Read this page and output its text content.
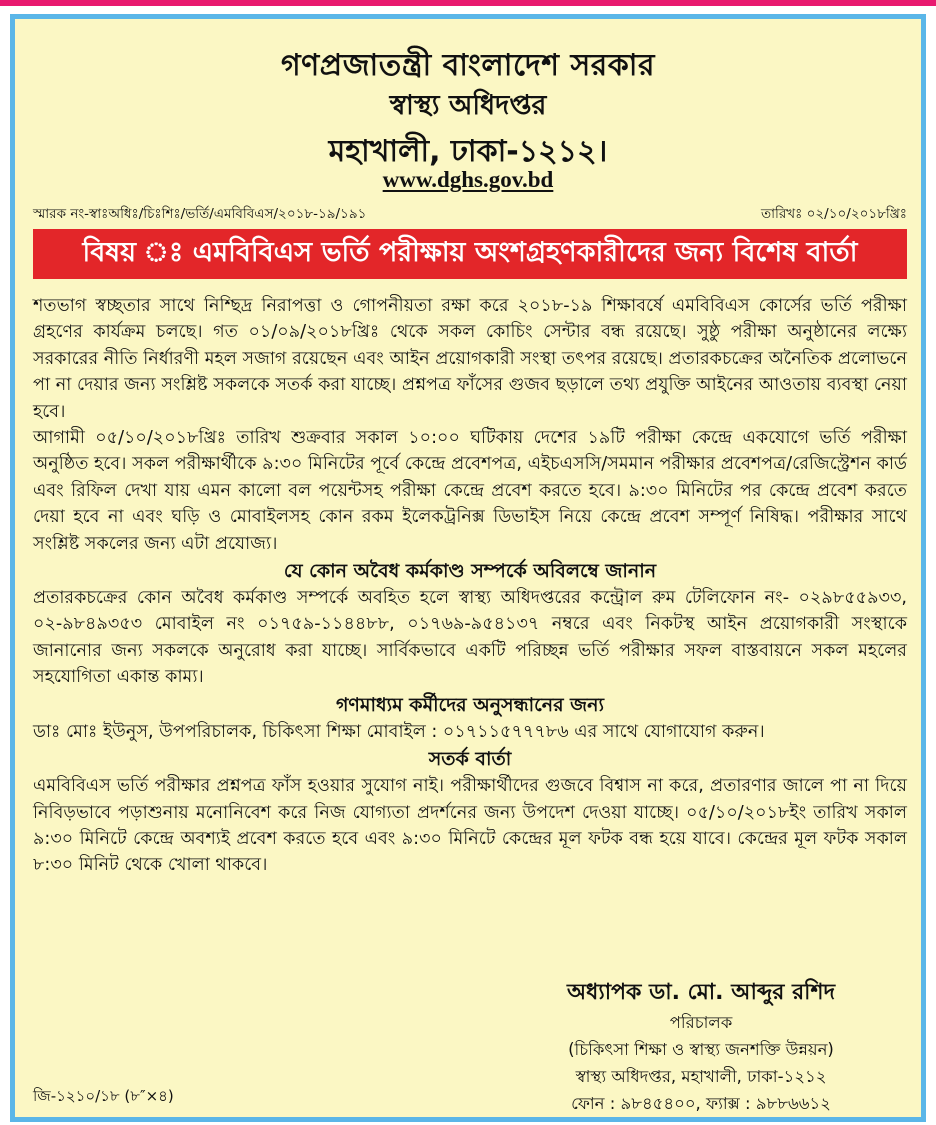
গণপ্রজাতন্ত্রী বাংলাদেশ সরকার
স্বাস্থ্য অধিদপ্তর
মহাখালী, ঢাকা-১২১২।
www.dghs.gov.bd
স্মারক নং-স্বাঃঅধিঃ/চিঃশিঃ/ভর্তি/এমবিবিএস/২০১৮-১৯/১৯১	তারিখঃ ০২/১০/২০১৮খ্রিঃ
বিষয় ঃ এমবিবিএস ভর্তি পরীক্ষায় অংশগ্রহণকারীদের জন্য বিশেষ বার্তা

শতভাগ স্বচ্ছতার সাথে নিশ্ছিদ্র নিরাপত্তা ও গোপনীয়তা রক্ষা করে ২০১৮-১৯ শিক্ষাবর্ষে এমবিবিএস কোর্সের ভর্তি পরীক্ষা গ্রহণের কার্যক্রম চলছে। গত ০১/০৯/২০১৮খ্রিঃ থেকে সকল কোচিং সেন্টার বন্ধ রয়েছে। সুষ্ঠু পরীক্ষা অনুষ্ঠানের লক্ষ্যে সরকারের নীতি নির্ধারণী মহল সজাগ রয়েছেন এবং আইন প্রয়োগকারী সংস্থা তৎপর রয়েছে। প্রতারকচক্রের অনৈতিক প্রলোভনে পা না দেয়ার জন্য সংশ্লিষ্ট সকলকে সতর্ক করা যাচ্ছে। প্রশ্নপত্র ফাঁসের গুজব ছড়ালে তথ্য প্রযুক্তি আইনের আওতায় ব্যবস্থা নেয়া হবে।

আগামী ০৫/১০/২০১৮খ্রিঃ তারিখ শুক্রবার সকাল ১০:০০ ঘটিকায় দেশের ১৯টি পরীক্ষা কেন্দ্রে একযোগে ভর্তি পরীক্ষা অনুষ্ঠিত হবে। সকল পরীক্ষার্থীকে ৯:৩০ মিনিটের পূর্বে কেন্দ্রে প্রবেশপত্র, এইচএসসি/সমমান পরীক্ষার প্রবেশপত্র/রেজিস্ট্রেশন কার্ড এবং রিফিল দেখা যায় এমন কালো বল পয়েন্টসহ পরীক্ষা কেন্দ্রে প্রবেশ করতে হবে। ৯:৩০ মিনিটের পর কেন্দ্রে প্রবেশ করতে দেয়া হবে না এবং ঘড়ি ও মোবাইলসহ কোন রকম ইলেকট্রনিক্স ডিভাইস নিয়ে কেন্দ্রে প্রবেশ সম্পূর্ণ নিষিদ্ধ। পরীক্ষার সাথে সংশ্লিষ্ট সকলের জন্য এটা প্রযোজ্য।

যে কোন অবৈধ কর্মকাণ্ড সম্পর্কে অবিলম্বে জানান

প্রতারকচক্রের কোন অবৈধ কর্মকাণ্ড সম্পর্কে অবহিত হলে স্বাস্থ্য অধিদপ্তরের কন্ট্রোল রুম টেলিফোন নং- ০২৯৮৫৫৯৩৩, ০২-৯৮৪৯৩৫৩ মোবাইল নং ০১৭৫৯-১১৪৪৮৮, ০১৭৬৯-৯৫৪১৩৭ নম্বরে এবং নিকটস্থ আইন প্রয়োগকারী সংস্থাকে জানানোর জন্য সকলকে অনুরোধ করা যাচ্ছে। সার্বিকভাবে একটি পরিচ্ছন্ন ভর্তি পরীক্ষার সফল বাস্তবায়নে সকল মহলের সহযোগিতা একান্ত কাম্য।

গণমাধ্যম কর্মীদের অনুসন্ধানের জন্য

ডাঃ মোঃ ইউনুস, উপপরিচালক, চিকিৎসা শিক্ষা মোবাইল : ০১৭১১৫৭৭৭৮৬ এর সাথে যোগাযোগ করুন।

সতর্ক বার্তা

এমবিবিএস ভর্তি পরীক্ষার প্রশ্নপত্র ফাঁস হওয়ার সুযোগ নাই। পরীক্ষার্থীদের গুজবে বিশ্বাস না করে, প্রতারণার জালে পা না দিয়ে নিবিড়ভাবে পড়াশুনায় মনোনিবেশ করে নিজ যোগ্যতা প্রদর্শনের জন্য উপদেশ দেওয়া যাচ্ছে। ০৫/১০/২০১৮ইং তারিখ সকাল ৯:৩০ মিনিটে কেন্দ্রে অবশ্যই প্রবেশ করতে হবে এবং ৯:৩০ মিনিটে কেন্দ্রের মূল ফটক বন্ধ হয়ে যাবে। কেন্দ্রের মূল ফটক সকাল ৮:৩০ মিনিট থেকে খোলা থাকবে।

অধ্যাপক ডা. মো. আব্দুর রশিদ
পরিচালক
(চিকিৎসা শিক্ষা ও স্বাস্থ্য জনশক্তি উন্নয়ন)
স্বাস্থ্য অধিদপ্তর, মহাখালী, ঢাকা-১২১২
ফোন : ৯৮৪৫৪০০, ফ্যাক্স : ৯৮৮৬৬১২
জি-১২১০/১৮ (৮″×৪)
